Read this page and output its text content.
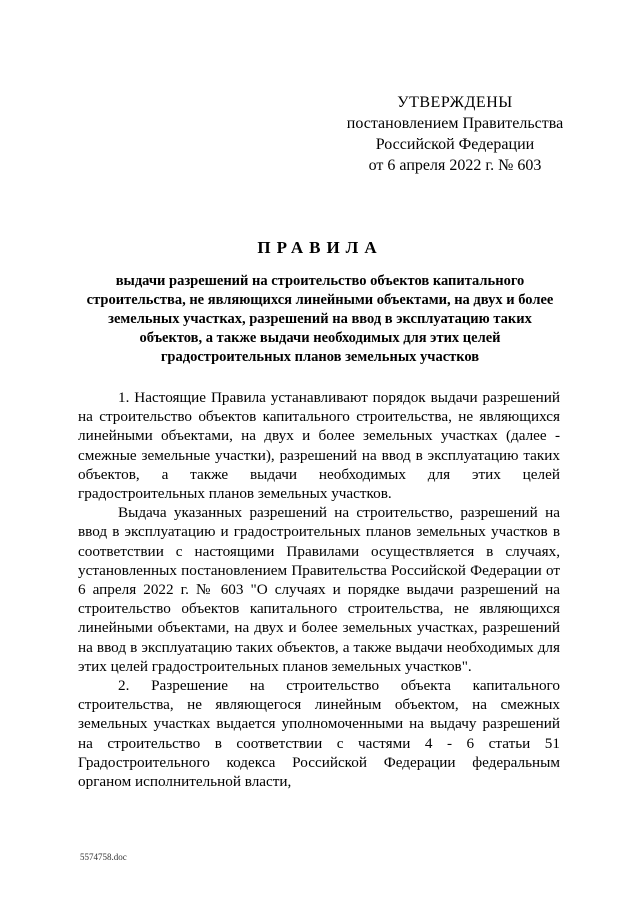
УТВЕРЖДЕНЫ
постановлением Правительства
Российской Федерации
от 6 апреля 2022 г. № 603
ПРАВИЛА
выдачи разрешений на строительство объектов капитального
строительства, не являющихся линейными объектами, на двух и более
земельных участках, разрешений на ввод в эксплуатацию таких
объектов, а также выдачи необходимых для этих целей
градостроительных планов земельных участков

1. Настоящие Правила устанавливают порядок выдачи разрешений на строительство объектов капитального строительства, не являющихся линейными объектами, на двух и более земельных участках (далее - смежные земельные участки), разрешений на ввод в эксплуатацию таких объектов, а также выдачи необходимых для этих целей градостроительных планов земельных участков.

Выдача указанных разрешений на строительство, разрешений на ввод в эксплуатацию и градостроительных планов земельных участков в соответствии с настоящими Правилами осуществляется в случаях, установленных постановлением Правительства Российской Федерации от 6 апреля 2022 г. № 603 "О случаях и порядке выдачи разрешений на строительство объектов капитального строительства, не являющихся линейными объектами, на двух и более земельных участках, разрешений на ввод в эксплуатацию таких объектов, а также выдачи необходимых для этих целей градостроительных планов земельных участков".

2. Разрешение на строительство объекта капитального строительства, не являющегося линейным объектом, на смежных земельных участках выдается уполномоченными на выдачу разрешений на строительство в соответствии с частями 4 - 6 статьи 51 Градостроительного кодекса Российской Федерации федеральным органом исполнительной власти,

5574758.doc
